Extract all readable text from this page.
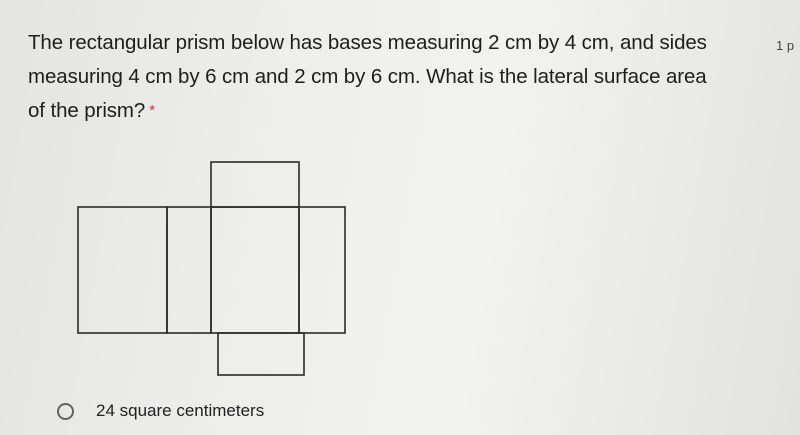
The rectangular prism below has bases measuring 2 cm by 4 cm, and sides
measuring 4 cm by 6 cm and 2 cm by 6 cm. What is the lateral surface area
of the prism? *
1 p
24 square centimeters
